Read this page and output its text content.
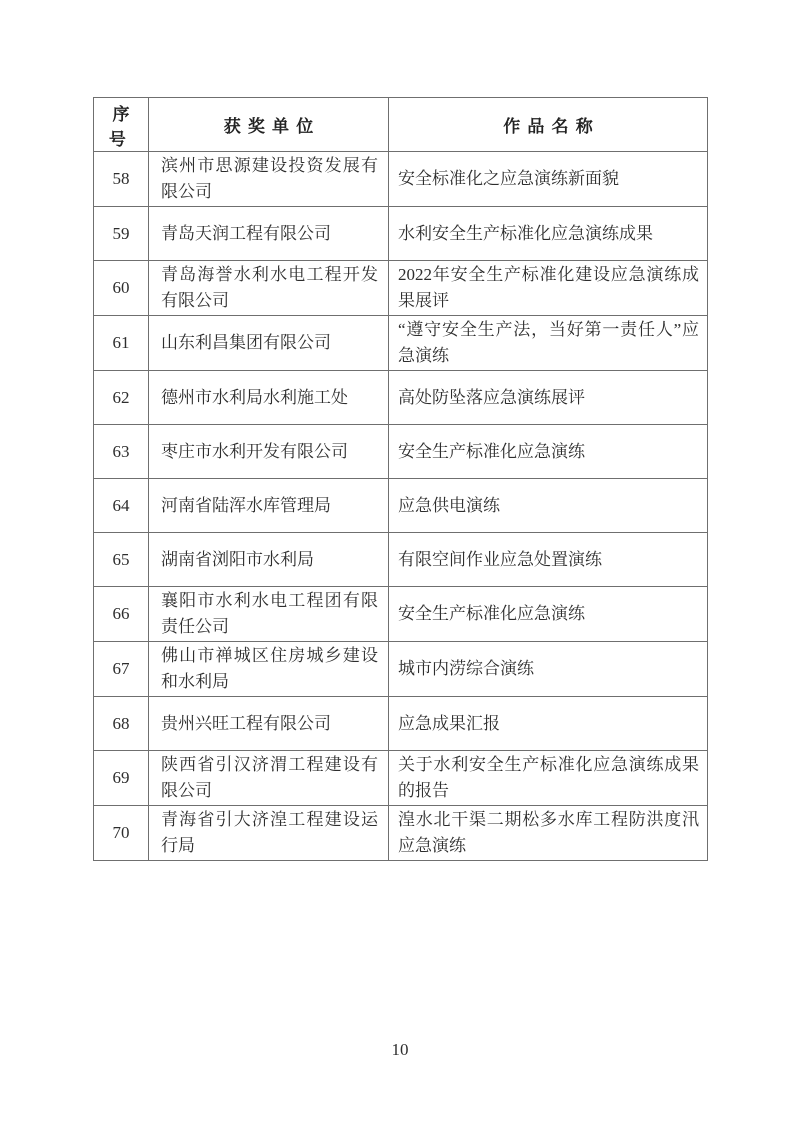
序号	获奖单位	作品名称
58	滨州市思源建设投资发展有限公司	安全标准化之应急演练新面貌
59	青岛天润工程有限公司	水利安全生产标准化应急演练成果
60	青岛海誉水利水电工程开发有限公司	2022年安全生产标准化建设应急演练成果展评
61	山东利昌集团有限公司	“遵守安全生产法，当好第一责任人”应急演练
62	德州市水利局水利施工处	高处防坠落应急演练展评
63	枣庄市水利开发有限公司	安全生产标准化应急演练
64	河南省陆浑水库管理局	应急供电演练
65	湖南省浏阳市水利局	有限空间作业应急处置演练
66	襄阳市水利水电工程团有限责任公司	安全生产标准化应急演练
67	佛山市禅城区住房城乡建设和水利局	城市内涝综合演练
68	贵州兴旺工程有限公司	应急成果汇报
69	陕西省引汉济渭工程建设有限公司	关于水利安全生产标准化应急演练成果的报告
70	青海省引大济湟工程建设运行局	湟水北干渠二期松多水库工程防洪度汛应急演练
10
